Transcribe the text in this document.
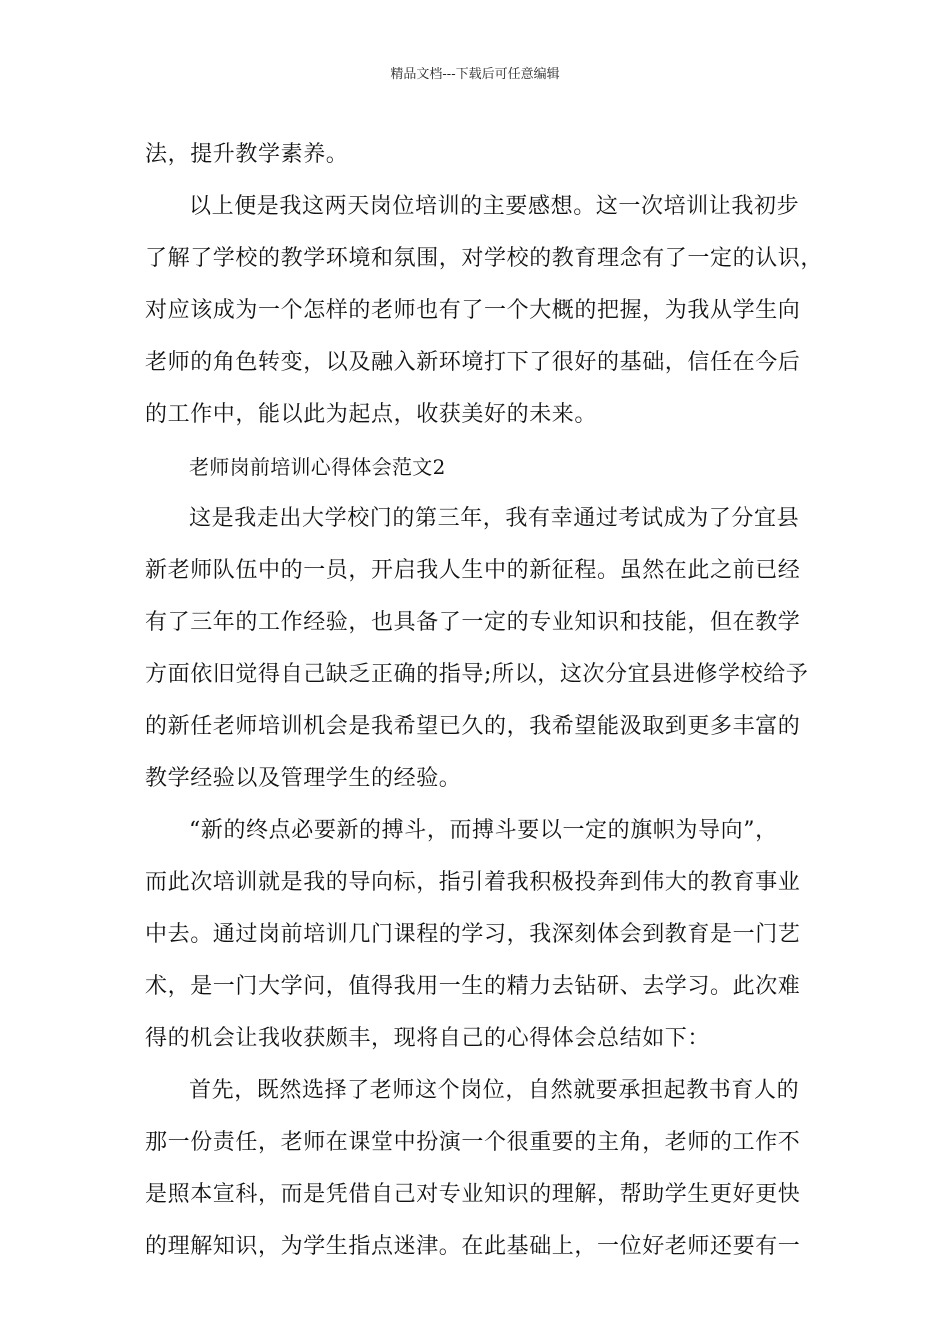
精品文档---下载后可任意编辑
法，提升教学素养。
以上便是我这两天岗位培训的主要感想。这一次培训让我初步
了解了学校的教学环境和氛围，对学校的教育理念有了一定的认识，
对应该成为一个怎样的老师也有了一个大概的把握，为我从学生向
老师的角色转变，以及融入新环境打下了很好的基础，信任在今后
的工作中，能以此为起点，收获美好的未来。
老师岗前培训心得体会范文2
这是我走出大学校门的第三年，我有幸通过考试成为了分宜县
新老师队伍中的一员，开启我人生中的新征程。虽然在此之前已经
有了三年的工作经验，也具备了一定的专业知识和技能，但在教学
方面依旧觉得自己缺乏正确的指导;所以，这次分宜县进修学校给予
的新任老师培训机会是我希望已久的，我希望能汲取到更多丰富的
教学经验以及管理学生的经验。
“新的终点必要新的搏斗，而搏斗要以一定的旗帜为导向”，
而此次培训就是我的导向标，指引着我积极投奔到伟大的教育事业
中去。通过岗前培训几门课程的学习，我深刻体会到教育是一门艺
术，是一门大学问，值得我用一生的精力去钻研、去学习。此次难
得的机会让我收获颇丰，现将自己的心得体会总结如下：
首先，既然选择了老师这个岗位，自然就要承担起教书育人的
那一份责任，老师在课堂中扮演一个很重要的主角，老师的工作不
是照本宣科，而是凭借自己对专业知识的理解，帮助学生更好更快
的理解知识，为学生指点迷津。在此基础上，一位好老师还要有一
